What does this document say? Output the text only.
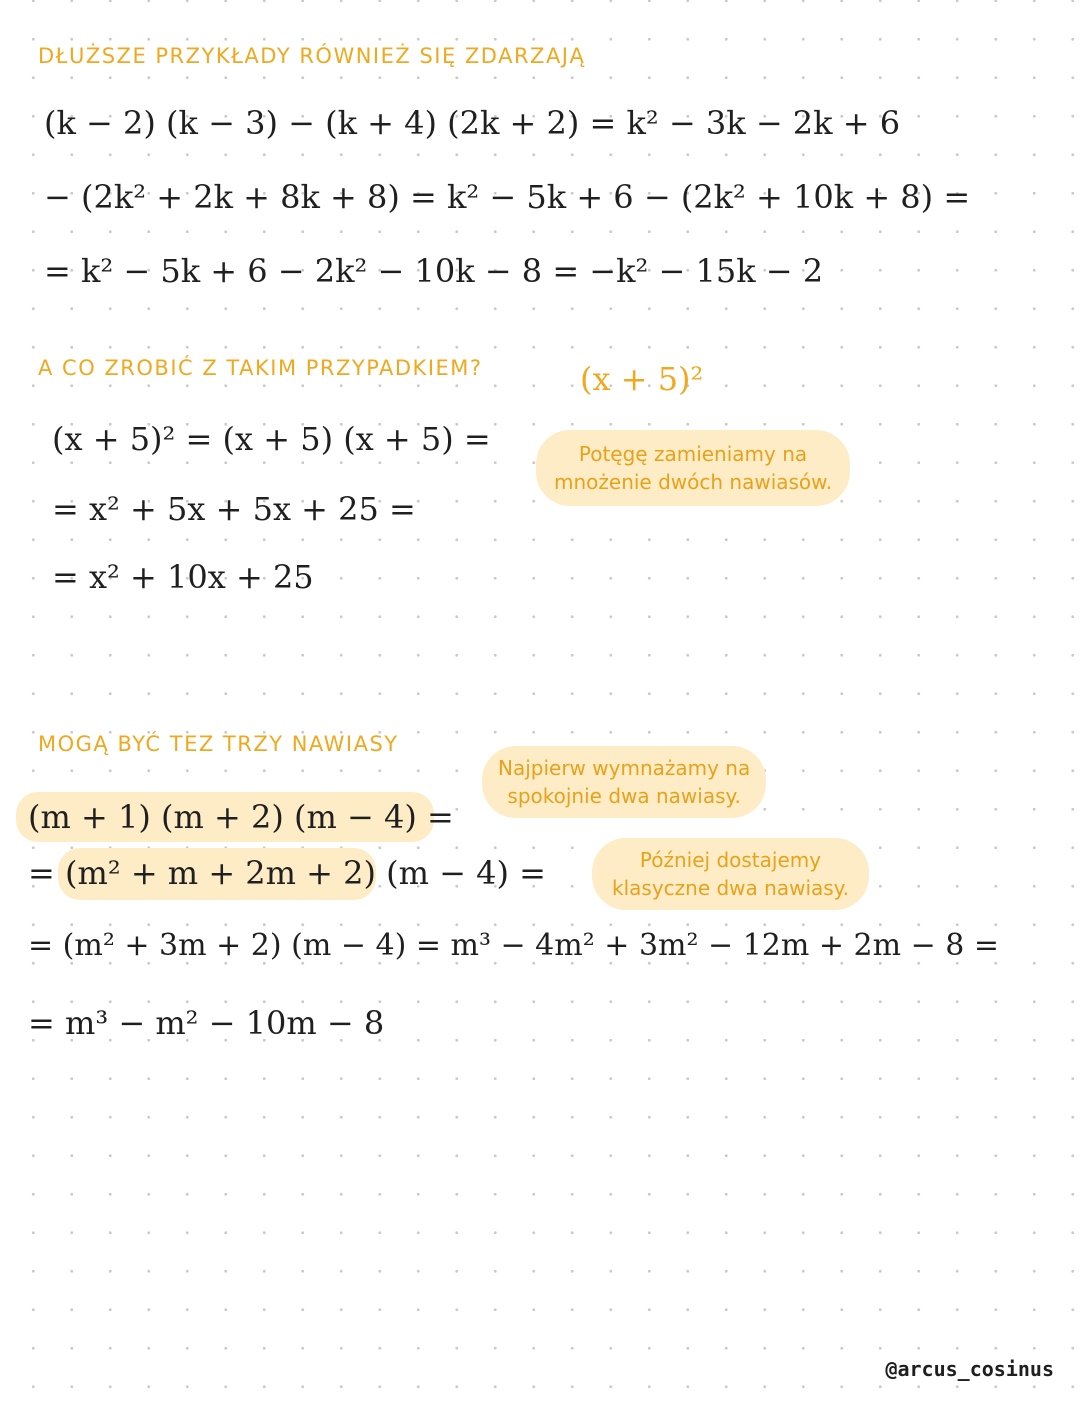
DŁUŻSZE PRZYKŁADY RÓWNIEŻ SIĘ ZDARZAJĄ
(k − 2) (k − 3) − (k + 4) (2k + 2) = k² − 3k − 2k + 6
− (2k² + 2k + 8k + 8) = k² − 5k + 6 − (2k² + 10k + 8) =
= k² − 5k + 6 − 2k² − 10k − 8 = −k² − 15k − 2
A CO ZROBIĆ Z TAKIM PRZYPADKIEM?	(x + 5)²
(x + 5)² = (x + 5) (x + 5) =
= x² + 5x + 5x + 25 =
= x² + 10x + 25
Potęgę zamieniamy na
mnożenie dwóch nawiasów.
MOGĄ BYĆ TEZ TRZY NAWIASY
Najpierw wymnażamy na
spokojnie dwa nawiasy.
(m + 1) (m + 2) (m − 4) =
= (m² + m + 2m + 2) (m − 4) =	Później dostajemy
klasyczne dwa nawiasy.
= (m² + 3m + 2) (m − 4) = m³ − 4m² + 3m² − 12m + 2m − 8 =
= m³ − m² − 10m − 8
@arcus_cosinus
